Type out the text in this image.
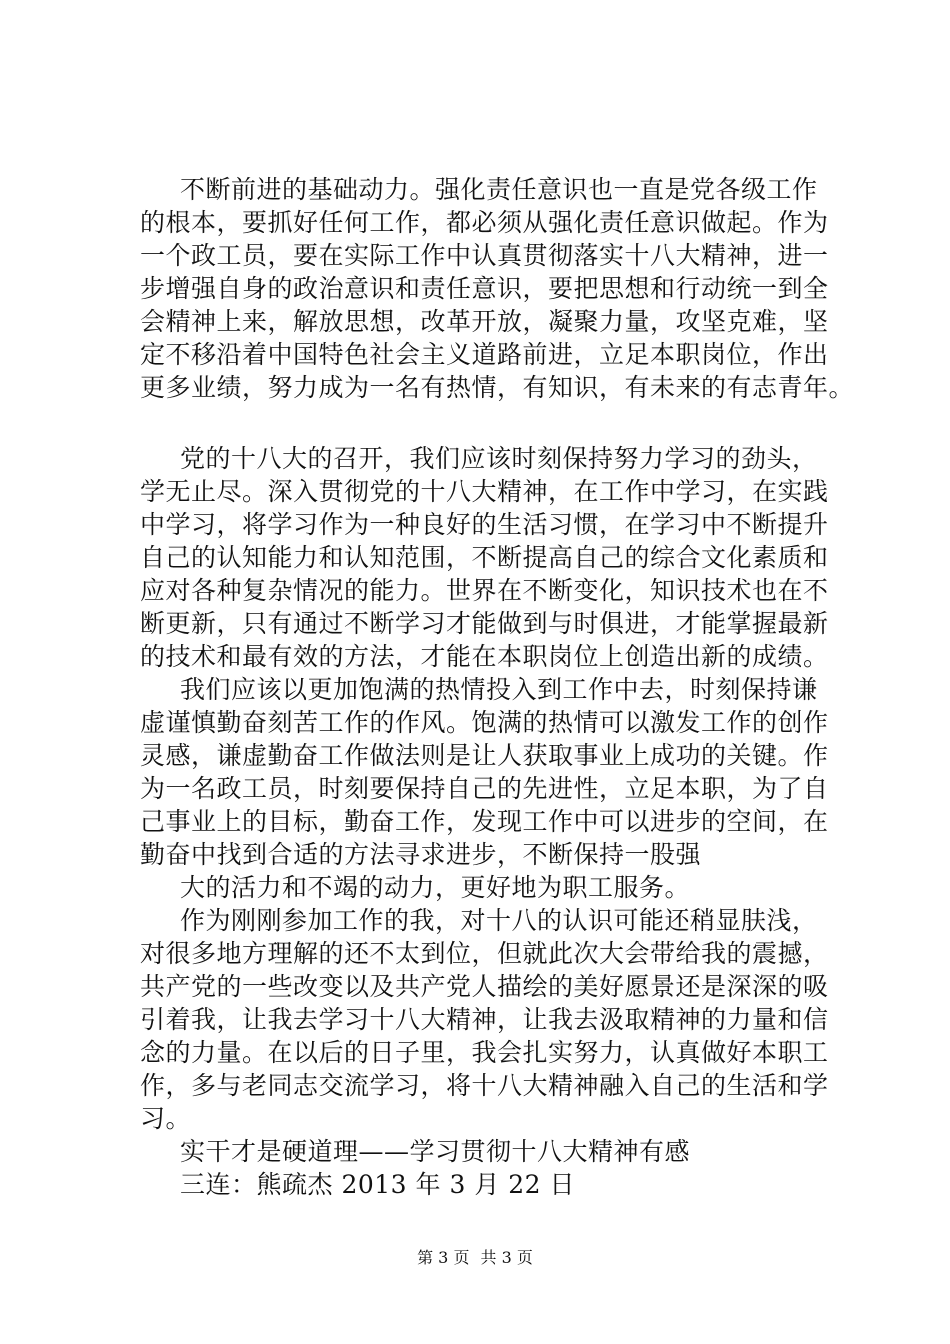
不断前进的基础动力。强化责任意识也一直是党各级工作
的根本，要抓好任何工作，都必须从强化责任意识做起。作为
一个政工员，要在实际工作中认真贯彻落实十八大精神，进一
步增强自身的政治意识和责任意识，要把思想和行动统一到全
会精神上来，解放思想，改革开放，凝聚力量，攻坚克难，坚
定不移沿着中国特色社会主义道路前进，立足本职岗位，作出
更多业绩，努力成为一名有热情，有知识，有未来的有志青年。
党的十八大的召开，我们应该时刻保持努力学习的劲头，
学无止尽。深入贯彻党的十八大精神，在工作中学习，在实践
中学习，将学习作为一种良好的生活习惯，在学习中不断提升
自己的认知能力和认知范围，不断提高自己的综合文化素质和
应对各种复杂情况的能力。世界在不断变化，知识技术也在不
断更新，只有通过不断学习才能做到与时俱进，才能掌握最新
的技术和最有效的方法，才能在本职岗位上创造出新的成绩。
我们应该以更加饱满的热情投入到工作中去，时刻保持谦
虚谨慎勤奋刻苦工作的作风。饱满的热情可以激发工作的创作
灵感，谦虚勤奋工作做法则是让人获取事业上成功的关键。作
为一名政工员，时刻要保持自己的先进性，立足本职，为了自
己事业上的目标，勤奋工作，发现工作中可以进步的空间，在
勤奋中找到合适的方法寻求进步，不断保持一股强
大的活力和不竭的动力，更好地为职工服务。
作为刚刚参加工作的我，对十八的认识可能还稍显肤浅，
对很多地方理解的还不太到位，但就此次大会带给我的震撼，
共产党的一些改变以及共产党人描绘的美好愿景还是深深的吸
引着我，让我去学习十八大精神，让我去汲取精神的力量和信
念的力量。在以后的日子里，我会扎实努力，认真做好本职工
作，多与老同志交流学习，将十八大精神融入自己的生活和学
习。
实干才是硬道理——学习贯彻十八大精神有感
三连：熊疏杰 2013 年 3 月 22 日
第 3 页 共 3 页
